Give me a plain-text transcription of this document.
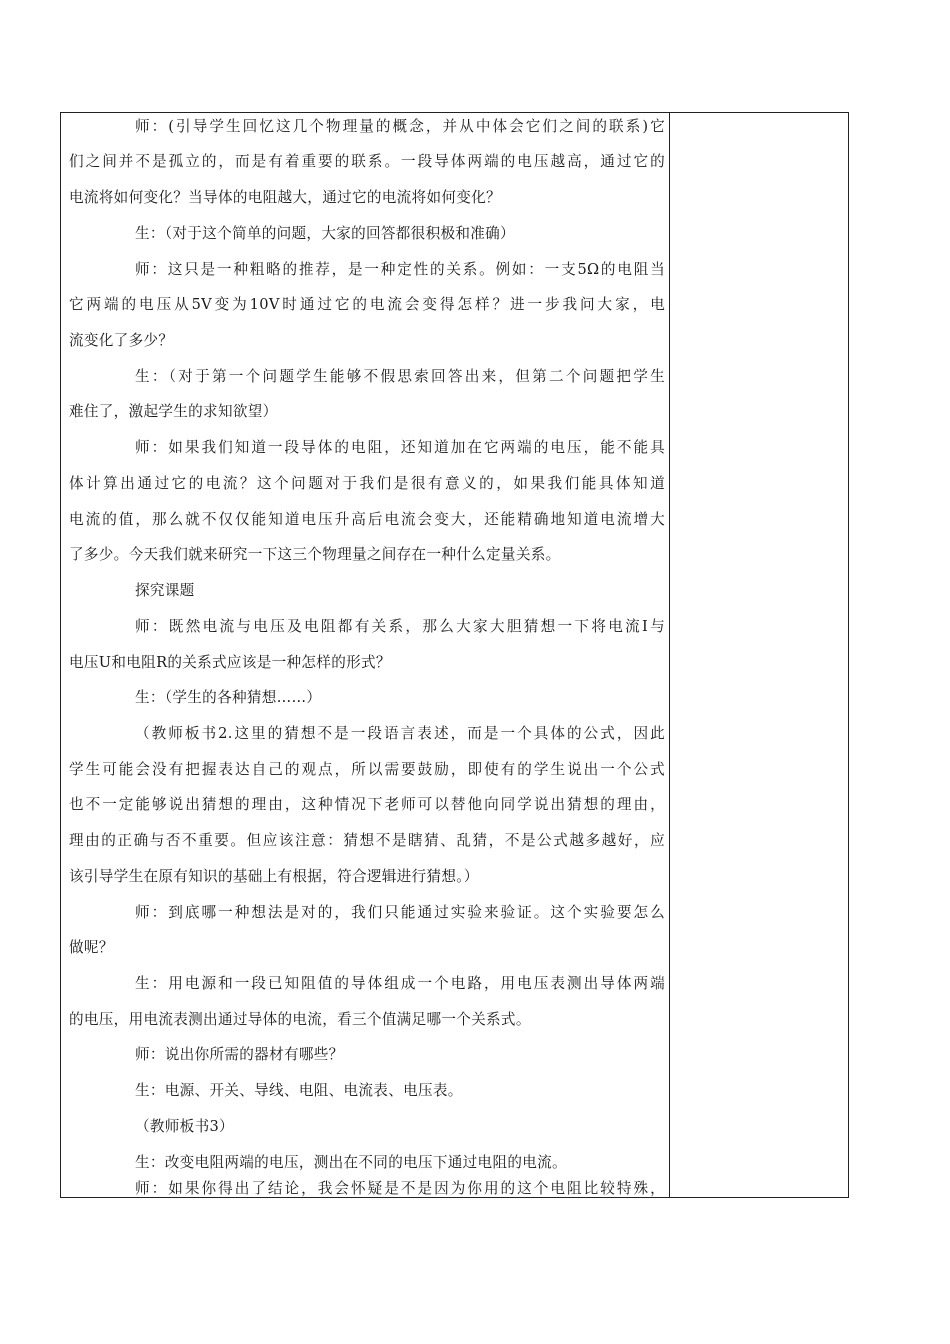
师：(引导学生回忆这几个物理量的概念，并从中体会它们之间的联系)它
们之间并不是孤立的，而是有着重要的联系。一段导体两端的电压越高，通过它的
电流将如何变化？当导体的电阻越大，通过它的电流将如何变化？
生：（对于这个简单的问题，大家的回答都很积极和准确）
师：这只是一种粗略的推荐，是一种定性的关系。例如：一支5Ω的电阻当
它两端的电压从5V变为10V时通过它的电流会变得怎样？进一步我问大家，电
流变化了多少？
生：（对于第一个问题学生能够不假思索回答出来，但第二个问题把学生
难住了，激起学生的求知欲望）
师：如果我们知道一段导体的电阻，还知道加在它两端的电压，能不能具
体计算出通过它的电流？这个问题对于我们是很有意义的，如果我们能具体知道
电流的值，那么就不仅仅能知道电压升高后电流会变大，还能精确地知道电流增大
了多少。今天我们就来研究一下这三个物理量之间存在一种什么定量关系。
探究课题
师：既然电流与电压及电阻都有关系，那么大家大胆猜想一下将电流I与
电压U和电阻R的关系式应该是一种怎样的形式？
生：（学生的各种猜想……）
（教师板书2.这里的猜想不是一段语言表述，而是一个具体的公式，因此
学生可能会没有把握表达自己的观点，所以需要鼓励，即使有的学生说出一个公式
也不一定能够说出猜想的理由，这种情况下老师可以替他向同学说出猜想的理由，
理由的正确与否不重要。但应该注意：猜想不是瞎猜、乱猜，不是公式越多越好，应
该引导学生在原有知识的基础上有根据，符合逻辑进行猜想。）
师：到底哪一种想法是对的，我们只能通过实验来验证。这个实验要怎么
做呢？
生：用电源和一段已知阻值的导体组成一个电路，用电压表测出导体两端
的电压，用电流表测出通过导体的电流，看三个值满足哪一个关系式。
师：说出你所需的器材有哪些？
生：电源、开关、导线、电阻、电流表、电压表。
（教师板书3）
生：改变电阻两端的电压，测出在不同的电压下通过电阻的电流。
师：如果你得出了结论，我会怀疑是不是因为你用的这个电阻比较特殊，
